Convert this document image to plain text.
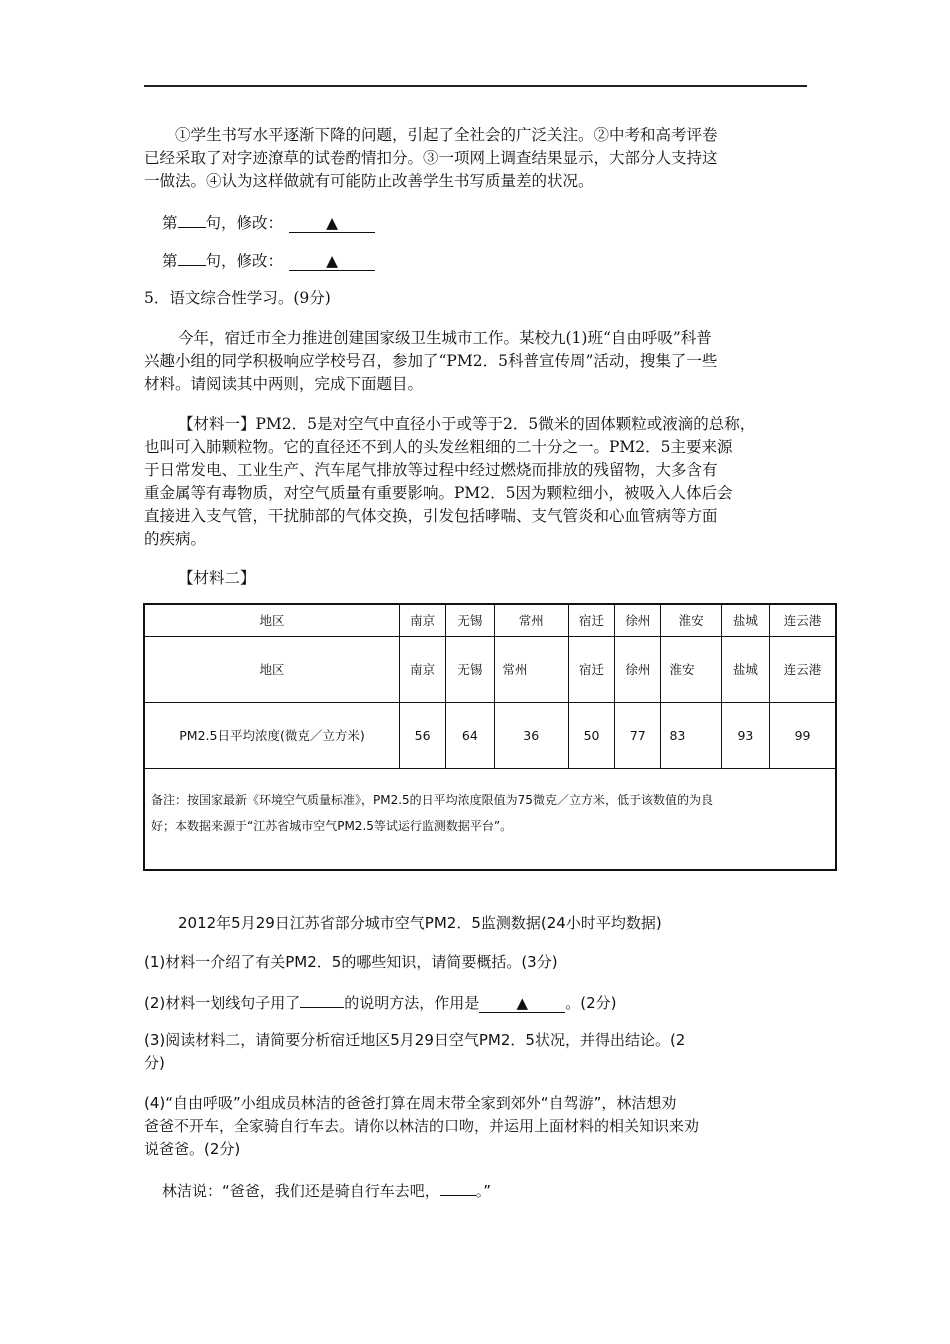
①学生书写水平逐渐下降的问题，引起了全社会的广泛关注。②中考和高考评卷

已经采取了对字迹潦草的试卷酌情扣分。③一项网上调查结果显示，大部分人支持这

一做法。④认为这样做就有可能防止改善学生书写质量差的状况。

第 句，修改：	▲

第 句，修改：	▲

5．语文综合性学习。(9分)

今年，宿迁市全力推进创建国家级卫生城市工作。某校九(1)班“自由呼吸”科普

兴趣小组的同学积极响应学校号召，参加了“PM2．5科普宣传周”活动，搜集了一些

材料。请阅读其中两则，完成下面题目。

【材料一】PM2．5是对空气中直径小于或等于2．5微米的固体颗粒或液滴的总称，

也叫可入肺颗粒物。它的直径还不到人的头发丝粗细的二十分之一。PM2．5主要来源

于日常发电、工业生产、汽车尾气排放等过程中经过燃烧而排放的残留物，大多含有

重金属等有毒物质，对空气质量有重要影响。PM2．5因为颗粒细小，被吸入人体后会

直接进入支气管，干扰肺部的气体交换，引发包括哮喘、支气管炎和心血管病等方面

的疾病。

【材料二】

地区	南京	无锡	常州	宿迁	徐州	淮安	盐城	连云港
地区	南京	无锡	常州	宿迁	徐州	淮安	盐城	连云港
PM2.5日平均浓度(微克／立方米)	56	64	36	50	77	83	93	99

备注：按国家最新《环境空气质量标准》，PM2.5的日平均浓度限值为75微克／立方米，低于该数值的为良
好；本数据来源于“江苏省城市空气PM2.5等试运行监测数据平台”。								

2012年5月29日江苏省部分城市空气PM2．5监测数据(24小时平均数据)

(1)材料一介绍了有关PM2．5的哪些知识，请简要概括。(3分)

(2)材料一划线句子用了	的说明方法，作用是 ▲ 。(2分)

(3)阅读材料二，请简要分析宿迁地区5月29日空气PM2．5状况，并得出结论。(2

分)

(4)“自由呼吸”小组成员林洁的爸爸打算在周末带全家到郊外“自驾游”，林洁想劝

爸爸不开车，全家骑自行车去。请你以林洁的口吻，并运用上面材料的相关知识来劝

说爸爸。(2分)

林洁说：“爸爸，我们还是骑自行车去吧， 。”
